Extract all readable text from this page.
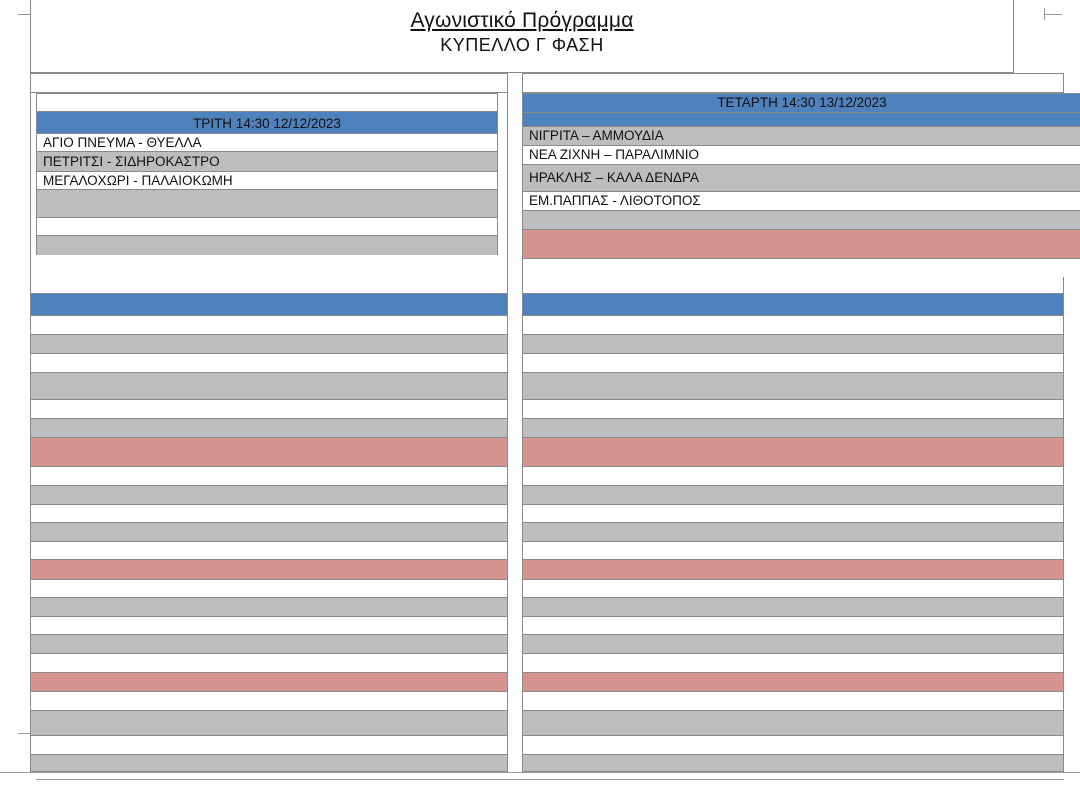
Αγωνιστικό Πρόγραμμα
ΚΥΠΕΛΛΟ Γ ΦΑΣΗ
ΤΡΙΤΗ 14:30 12/12/2023
ΑΓΙΟ ΠΝΕΥΜΑ - ΘΥΕΛΛΑ
ΠΕΤΡΙΤΣΙ - ΣΙΔΗΡΟΚΑΣΤΡΟ
ΜΕΓΑΛΟΧΩΡΙ - ΠΑΛΑΙΟΚΩΜΗ
ΤΕΤΑΡΤΗ 14:30 13/12/2023
ΝΙΓΡΙΤΑ – ΑΜΜΟΥΔΙΑ
ΝΕΑ ΖΙΧΝΗ – ΠΑΡΑΛΙΜΝΙΟ
ΗΡΑΚΛΗΣ – ΚΑΛΑ ΔΕΝΔΡΑ
ΕΜ.ΠΑΠΠΑΣ - ΛΙΘΟΤΟΠΟΣ
